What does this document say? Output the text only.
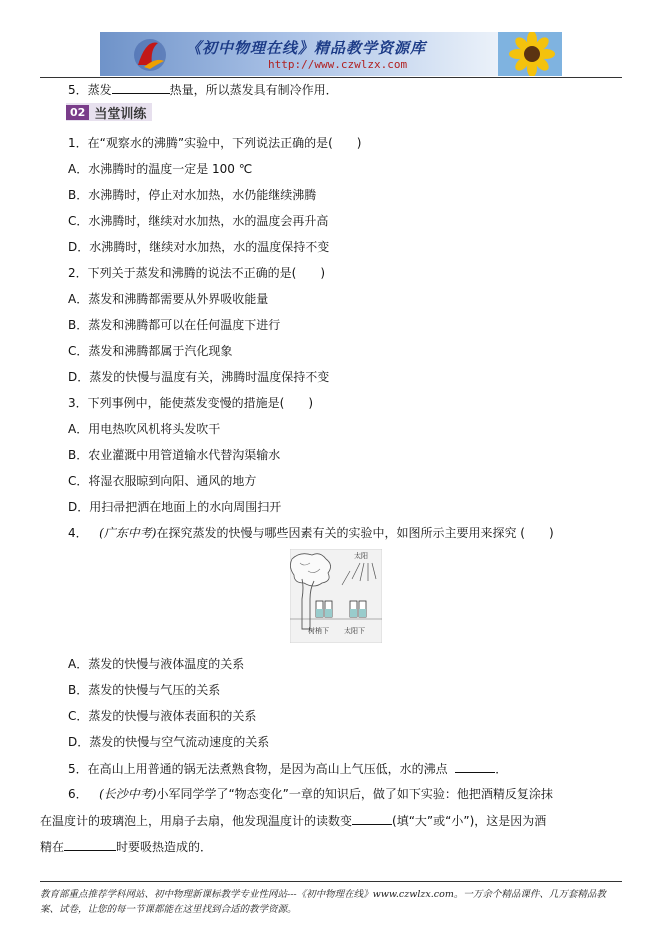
《初中物理在线》精品教学资源库
http://www.czwlzx.com
5．蒸发	热量，所以蒸发具有制冷作用．
02 当堂训练
1．在“观察水的沸腾”实验中，下列说法正确的是(　　)
A．水沸腾时的温度一定是 100 ℃
B．水沸腾时，停止对水加热，水仍能继续沸腾
C．水沸腾时，继续对水加热，水的温度会再升高
D．水沸腾时，继续对水加热，水的温度保持不变
2．下列关于蒸发和沸腾的说法不正确的是(　　)
A．蒸发和沸腾都需要从外界吸收能量
B．蒸发和沸腾都可以在任何温度下进行
C．蒸发和沸腾都属于汽化现象
D．蒸发的快慢与温度有关，沸腾时温度保持不变
3．下列事例中，能使蒸发变慢的措施是(　　)
A．用电热吹风机将头发吹干
B．农业灌溉中用管道输水代替沟渠输水
C．将湿衣服晾到向阳、通风的地方
D．用扫帚把洒在地面上的水向周围扫开
4． (广东中考)在探究蒸发的快慢与哪些因素有关的实验中，如图所示主要用来探究 (　　)
太阳
树梢下 太阳下
A．蒸发的快慢与液体温度的关系
B．蒸发的快慢与气压的关系
C．蒸发的快慢与液体表面积的关系
D．蒸发的快慢与空气流动速度的关系
5．在高山上用普通的锅无法煮熟食物，是因为高山上气压低，水的沸点	．
6． (长沙中考)小军同学学了“物态变化”一章的知识后，做了如下实验：他把酒精反复涂抹
在温度计的玻璃泡上，用扇子去扇，他发现温度计的读数变	(填“大”或“小”)，这是因为酒
精在	时要吸热造成的．
教育部重点推荐学科网站、初中物理新课标教学专业性网站---《初中物理在线》www.czwlzx.com。一万余个精品课件、几万套精品教
案、试卷，让您的每一节课都能在这里找到合适的教学资源。
